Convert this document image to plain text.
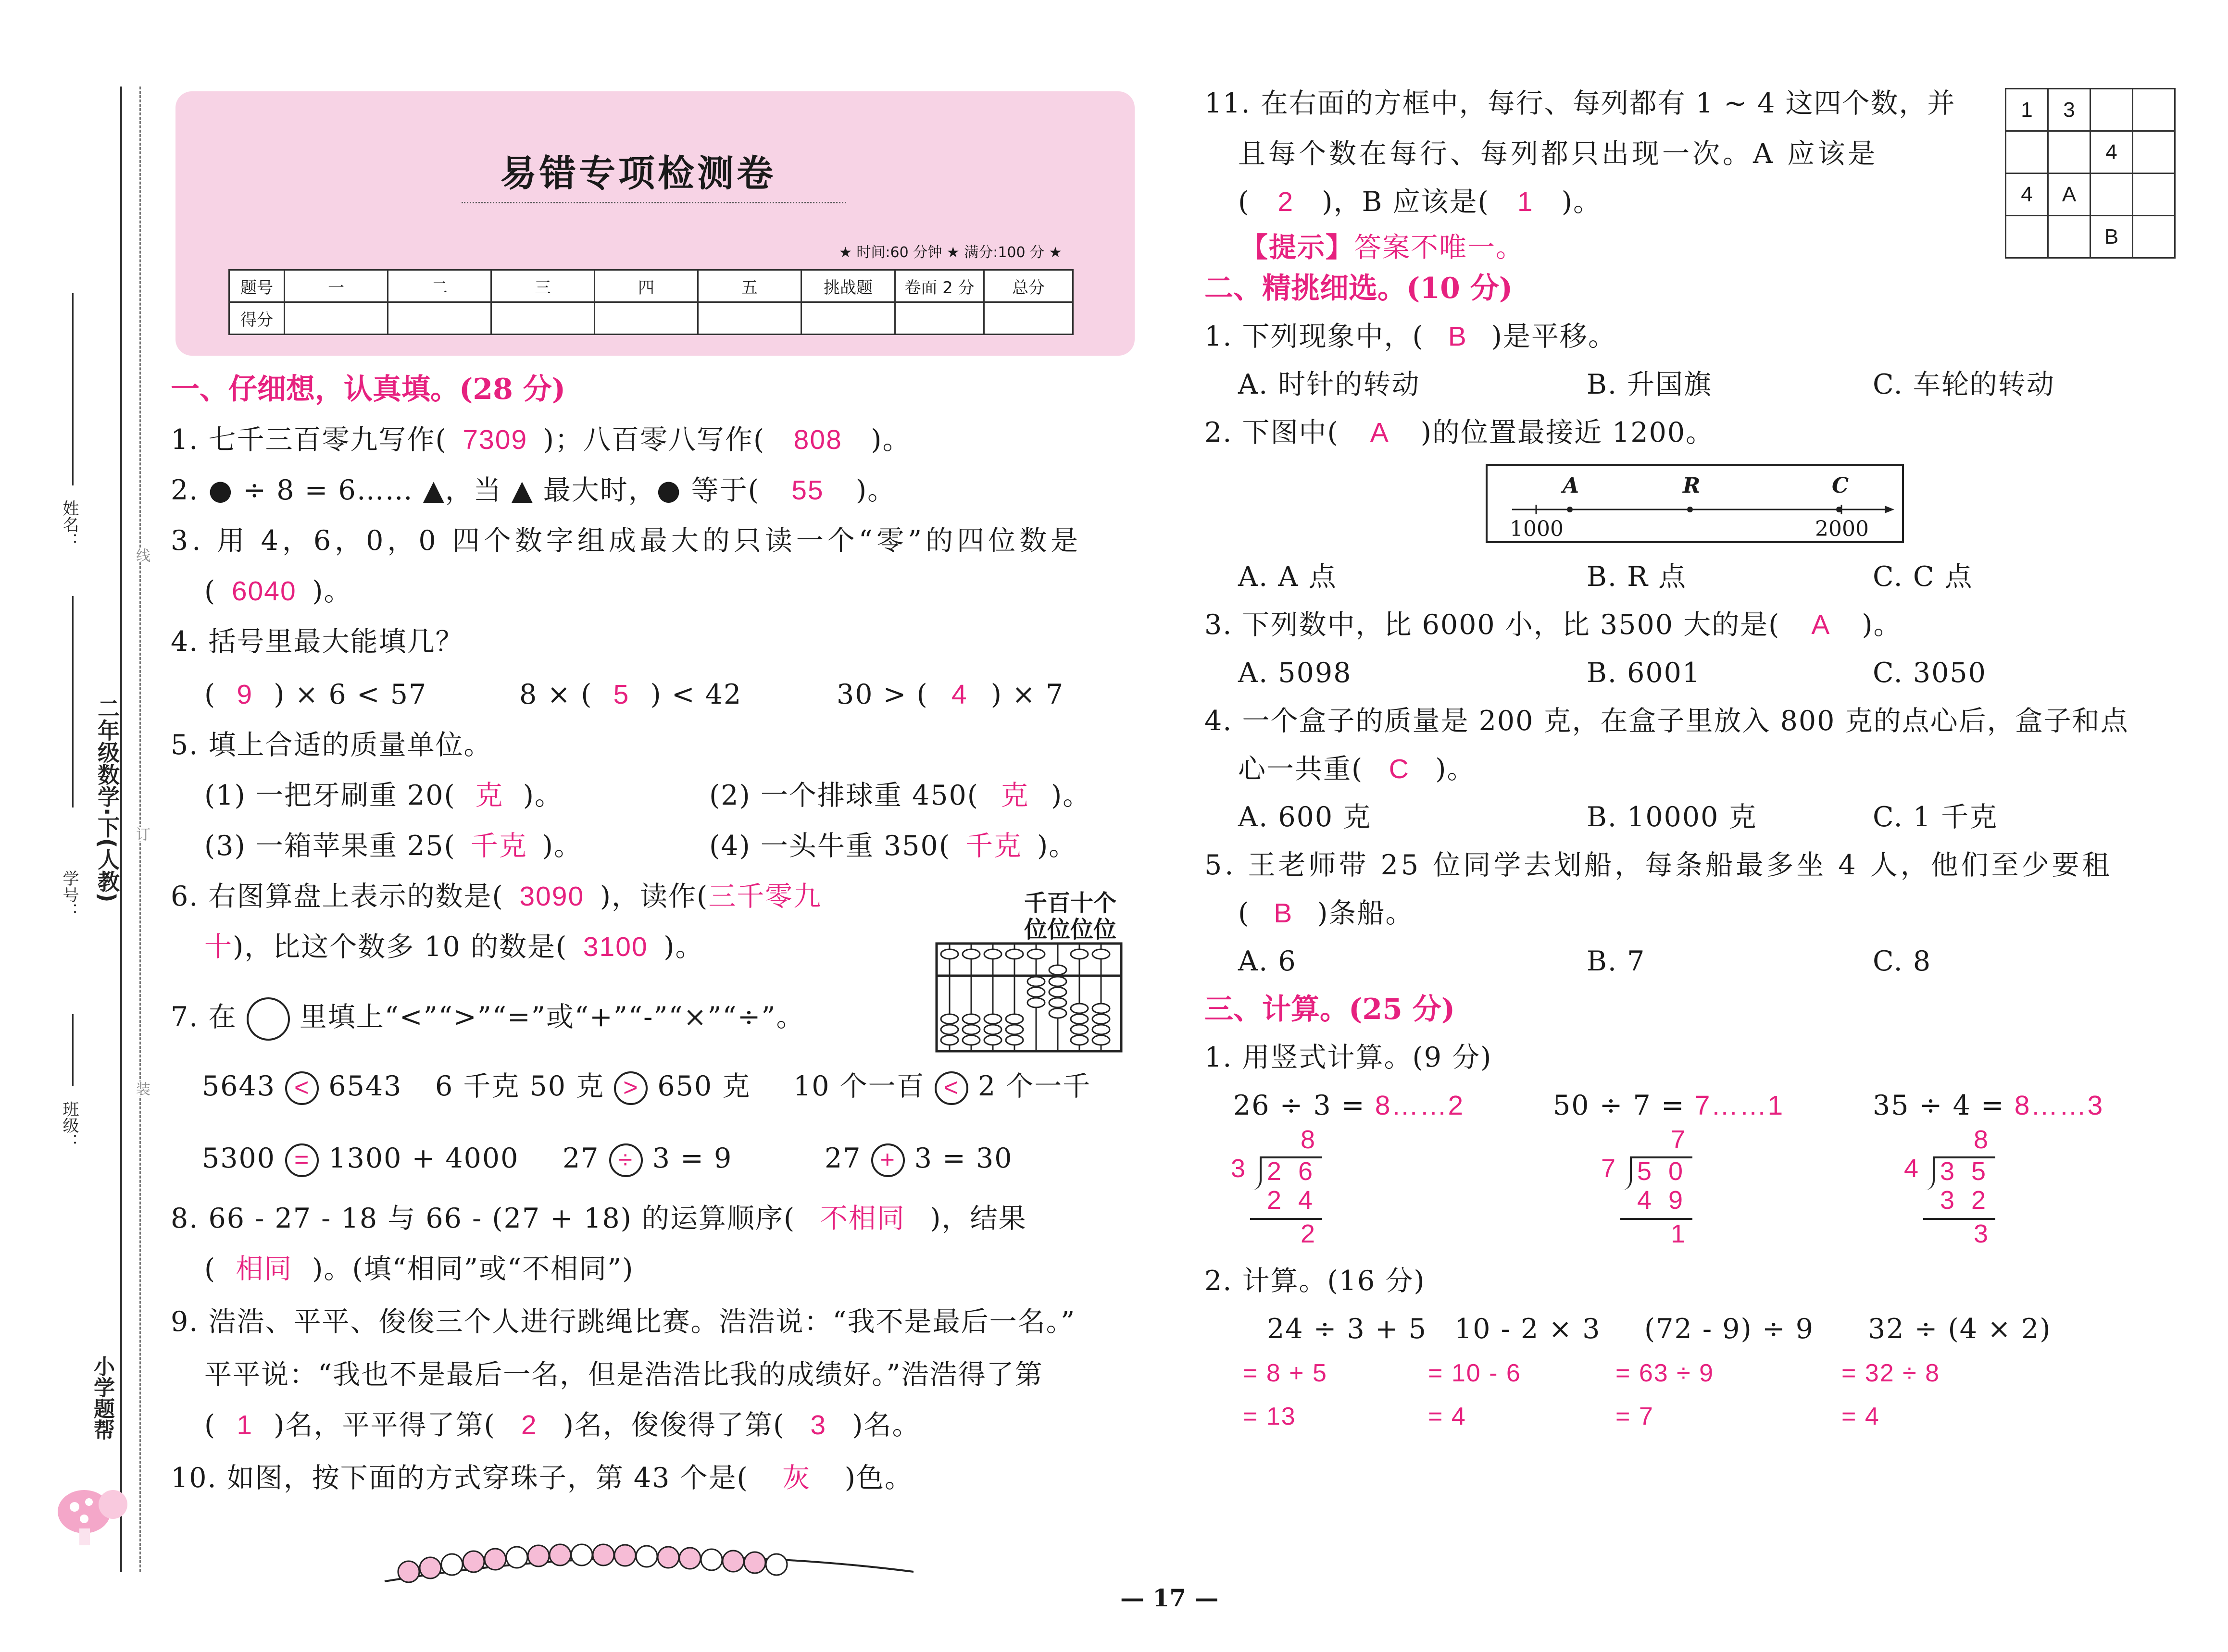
姓名：
学号：
班级：
二年级数学·下(人教)
线
订
装
小学题帮
易错专项检测卷
★ 时间:60 分钟 ★ 满分:100 分 ★
题号	一	二	三	四	五	挑战题	卷面 2 分	总分
得分								
一、仔细想，认真填。(28 分)
1. 七千三百零九写作( 7309 )；八百零八写作( 808 )。
2. ● ÷ 8 = 6…… ▲，当 ▲ 最大时，● 等于( 55 )。
3. 用 4，6，0，0 四个数字组成最大的只读一个“零”的四位数是
( 6040 )。
4. 括号里最大能填几？
( 9 ) × 6 < 57	8 × ( 5 ) < 42	30 > ( 4 ) × 7
5. 填上合适的质量单位。
(1) 一把牙刷重 20( 克 )。	(2) 一个排球重 450( 克 )。
(3) 一箱苹果重 25( 千克 )。	(4) 一头牛重 350( 千克 )。
6. 右图算盘上表示的数是( 3090 )，读作(三千零九
十)，比这个数多 10 的数是( 3100 )。
千百十个
位位位位
7. 在 里填上“<”“>”“=”或“+”“-”“×”“÷”。
5643 < 6543 6 千克 50 克 > 650 克 10 个一百 < 2 个一千
5300 = 1300 + 4000 27 ÷ 3 = 9	27 + 3 = 30
8. 66 - 27 - 18 与 66 - (27 + 18) 的运算顺序( 不相同 )，结果
( 相同 )。(填“相同”或“不相同”)
9. 浩浩、平平、俊俊三个人进行跳绳比赛。浩浩说：“我不是最后一名。”
平平说：“我也不是最后一名，但是浩浩比我的成绩好。”浩浩得了第
( 1 )名，平平得了第( 2 )名，俊俊得了第( 3 )名。
10. 如图，按下面的方式穿珠子，第 43 个是( 灰 )色。
11. 在右面的方框中，每行、每列都有 1 ~ 4 这四个数，并
且每个数在每行、每列都只出现一次。A 应该是
( 2 )，B 应该是( 1 )。
【提示】答案不唯一。
1	3		
		4	
4	A		
		B	
二、精挑细选。(10 分)
1. 下列现象中，( B )是平移。
A. 时针的转动	B. 升国旗	C. 车轮的转动
2. 下图中( A )的位置最接近 1200。
1000	2000
A	R	C
A. A 点	B. R 点	C. C 点
3. 下列数中，比 6000 小，比 3500 大的是( A )。
A. 5098	B. 6001	C. 3050
4. 一个盒子的质量是 200 克，在盒子里放入 800 克的点心后，盒子和点
心一共重( C )。
A. 600 克	B. 10000 克	C. 1 千克
5. 王老师带 25 位同学去划船，每条船最多坐 4 人，他们至少要租
( B )条船。
A. 6	B. 7	C. 8
三、计算。(25 分)
1. 用竖式计算。(9 分)
26 ÷ 3 = 8……2
8
3 2 6
2 4
2
50 ÷ 7 = 7……1
7
7 5 0
4 9
1
35 ÷ 4 = 8……3
8
4 3 5
3 2
3
2. 计算。(16 分)
24 ÷ 3 + 5
= 8 + 5
= 13
10 - 2 × 3
= 10 - 6
= 4
(72 - 9) ÷ 9
= 63 ÷ 9
= 7
32 ÷ (4 × 2)
= 32 ÷ 8
= 4
— 17 —
